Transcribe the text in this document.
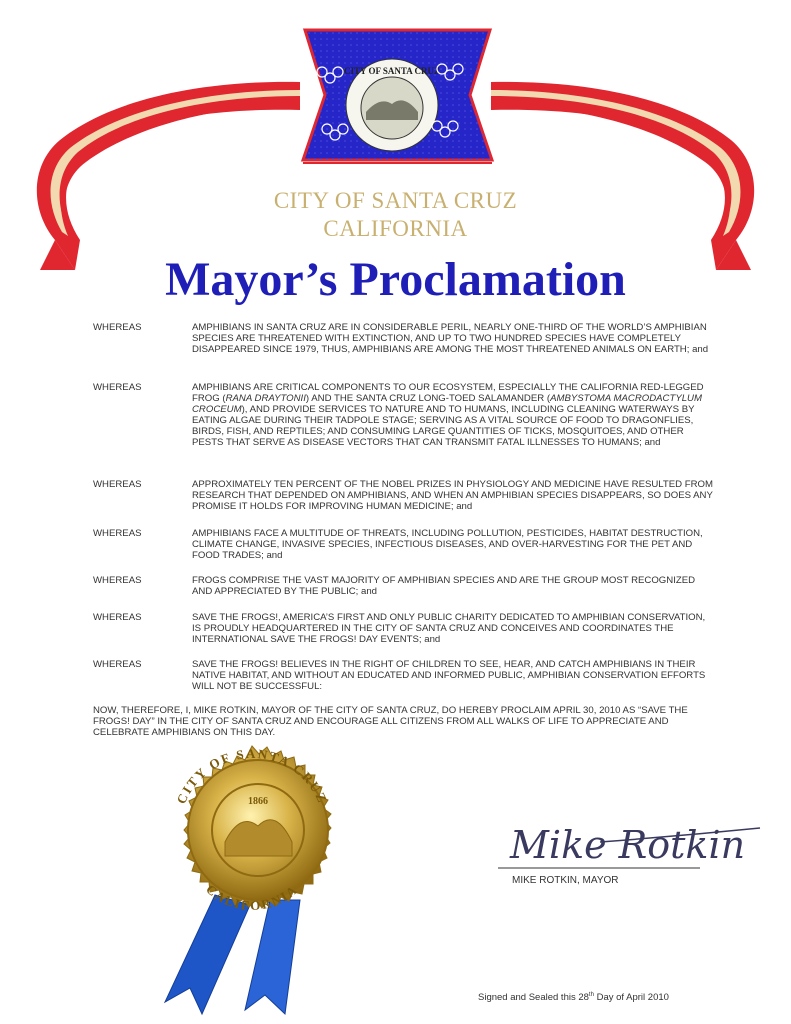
CITY OF SANTA CRUZ
CITY OF SANTA CRUZ
CALIFORNIA
Mayor’s Proclamation
WHEREAS	AMPHIBIANS IN SANTA CRUZ ARE IN CONSIDERABLE PERIL, NEARLY ONE-THIRD OF THE WORLD’S AMPHIBIAN SPECIES ARE THREATENED WITH EXTINCTION, AND UP TO TWO HUNDRED SPECIES HAVE COMPLETELY DISAPPEARED SINCE 1979, THUS, AMPHIBIANS ARE AMONG THE MOST THREATENED ANIMALS ON EARTH; and
WHEREAS	AMPHIBIANS ARE CRITICAL COMPONENTS TO OUR ECOSYSTEM, ESPECIALLY THE CALIFORNIA RED-LEGGED FROG (RANA DRAYTONII) AND THE SANTA CRUZ LONG-TOED SALAMANDER (AMBYSTOMA MACRODACTYLUM CROCEUM), AND PROVIDE SERVICES TO NATURE AND TO HUMANS, INCLUDING CLEANING WATERWAYS BY EATING ALGAE DURING THEIR TADPOLE STAGE; SERVING AS A VITAL SOURCE OF FOOD TO DRAGONFLIES, BIRDS, FISH, AND REPTILES; AND CONSUMING LARGE QUANTITIES OF TICKS, MOSQUITOES, AND OTHER PESTS THAT SERVE AS DISEASE VECTORS THAT CAN TRANSMIT FATAL ILLNESSES TO HUMANS; and
WHEREAS	APPROXIMATELY TEN PERCENT OF THE NOBEL PRIZES IN PHYSIOLOGY AND MEDICINE HAVE RESULTED FROM RESEARCH THAT DEPENDED ON AMPHIBIANS, AND WHEN AN AMPHIBIAN SPECIES DISAPPEARS, SO DOES ANY PROMISE IT HOLDS FOR IMPROVING HUMAN MEDICINE; and
WHEREAS	AMPHIBIANS FACE A MULTITUDE OF THREATS, INCLUDING POLLUTION, PESTICIDES, HABITAT DESTRUCTION, CLIMATE CHANGE, INVASIVE SPECIES, INFECTIOUS DISEASES, AND OVER-HARVESTING FOR THE PET AND FOOD TRADES; and
WHEREAS	FROGS COMPRISE THE VAST MAJORITY OF AMPHIBIAN SPECIES AND ARE THE GROUP MOST RECOGNIZED AND APPRECIATED BY THE PUBLIC; and
WHEREAS	SAVE THE FROGS!, AMERICA’S FIRST AND ONLY PUBLIC CHARITY DEDICATED TO AMPHIBIAN CONSERVATION, IS PROUDLY HEADQUARTERED IN THE CITY OF SANTA CRUZ AND CONCEIVES AND COORDINATES THE INTERNATIONAL SAVE THE FROGS! DAY EVENTS; and
WHEREAS	SAVE THE FROGS! BELIEVES IN THE RIGHT OF CHILDREN TO SEE, HEAR, AND CATCH AMPHIBIANS IN THEIR NATIVE HABITAT, AND WITHOUT AN EDUCATED AND INFORMED PUBLIC, AMPHIBIAN CONSERVATION EFFORTS WILL NOT BE SUCCESSFUL:
NOW, THEREFORE, I, MIKE ROTKIN, MAYOR OF THE CITY OF SANTA CRUZ, DO HEREBY PROCLAIM APRIL 30, 2010 AS “SAVE THE FROGS! DAY” IN THE CITY OF SANTA CRUZ AND ENCOURAGE ALL CITIZENS FROM ALL WALKS OF LIFE TO APPRECIATE AND CELEBRATE AMPHIBIANS ON THIS DAY.
CITY OF SANTA CRUZ
CALIFORNIA
1866
Mike Rotkin
MIKE ROTKIN, MAYOR
Signed and Sealed this 28th Day of April 2010
